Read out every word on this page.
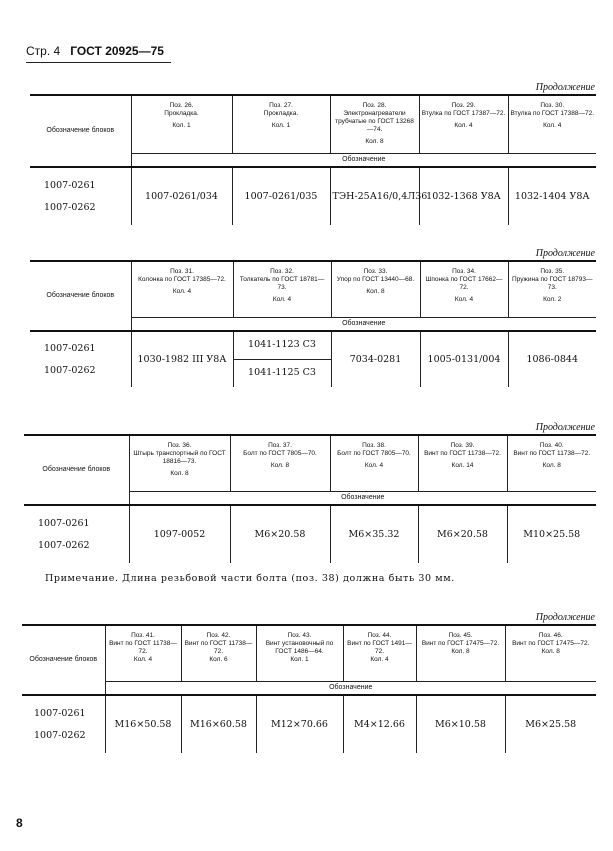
Стр. 4 ГОСТ 20925—75
Продолжение
Обозначение блоков	Поз. 26.
Прокладка.
Кол. 1	Поз. 27.
Прокладка.
Кол. 1	Поз. 28.
Электронагреватели трубчатые по ГОСТ 13268—74.
Кол. 8	Поз. 29.
Втулка по ГОСТ 17387—72.
Кол. 4	Поз. 30.
Втулка по ГОСТ 17388—72.
Кол. 4

	Обозначение				

1007-0261
1007-0262	1007-0261/034	1007-0261/035	ТЭН-25А16/0,4Л36	1032-1368 У8А	1032-1404 У8А
Продолжение
Обозначение блоков	Поз. 31.
Колонка по ГОСТ 17385—72.
Кол. 4	Поз. 32.
Толкатель по ГОСТ 18781—73.
Кол. 4	Поз. 33.
Упор по ГОСТ 13440—68.
Кол. 8	Поз. 34.
Шпонка по ГОСТ 17662—72.
Кол. 4	Поз. 35.
Пружина по ГОСТ 18793—73.
Кол. 2

	Обозначение				

1007-0261
1007-0262	1030-1982 III У8А	1041-1123 С3	7034-0281	1005-0131/004	1086-0844
		1041-1125 С3			
Продолжение
Обозначение блоков	Поз. 36.
Штырь транспортный по ГОСТ 18816—73.
Кол. 8	Поз. 37.
Болт по ГОСТ 7805—70.
Кол. 8	Поз. 38.
Болт по ГОСТ 7805—70.
Кол. 4	Поз. 39.
Винт по ГОСТ 11738—72.
Кол. 14	Поз. 40.
Винт по ГОСТ 11738—72.
Кол. 8

	Обозначение				

1007-0261
1007-0262	1097-0052	М6×20.58	М6×35.32	М6×20.58	М10×25.58
Примечание. Длина резьбовой части болта (поз. 38) должна быть 30 мм.
Продолжение
Обозначение блоков	Поз. 41.
Винт по ГОСТ 11738—72.
Кол. 4	Поз. 42.
Винт по ГОСТ 11738—72.
Кол. 6	Поз. 43.
Винт установочный по ГОСТ 1486—64.
Кол. 1	Поз. 44.
Винт по ГОСТ 1491—72.
Кол. 4	Поз. 45.
Винт по ГОСТ 17475—72.
Кол. 8	Поз. 46.
Винт по ГОСТ 17475—72.
Кол. 8
	Обозначение					

1007-0261
1007-0262	М16×50.58	М16×60.58	М12×70.66	М4×12.66	М6×10.58	М6×25.58
8
